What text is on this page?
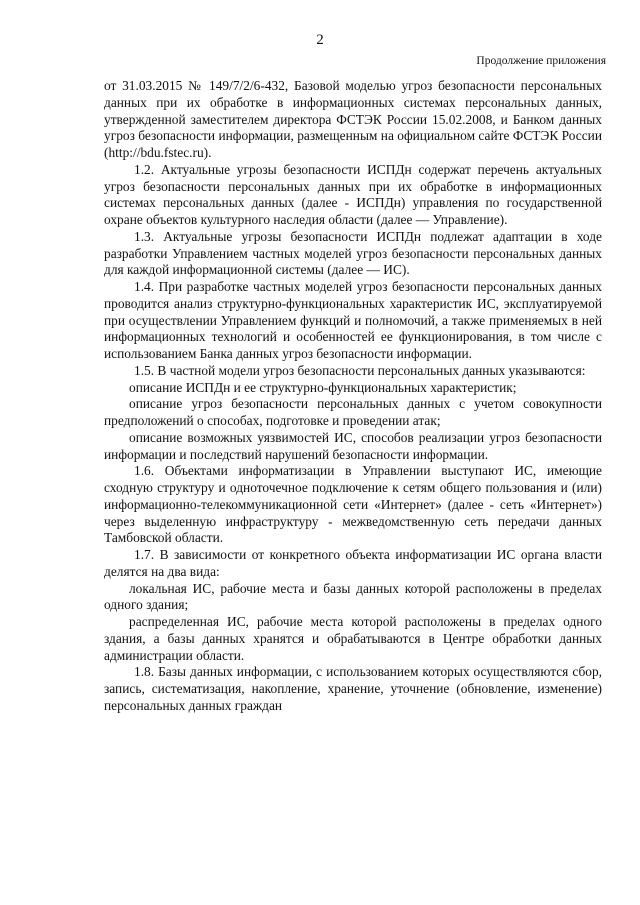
2
Продолжение приложения

от 31.03.2015 № 149/7/2/6-432, Базовой моделью угроз безопасности персональных данных при их обработке в информационных системах персональных данных, утвержденной заместителем директора ФСТЭК России 15.02.2008, и Банком данных угроз безопасности информации, размещенным на официальном сайте ФСТЭК России (http://bdu.fstec.ru).

1.2. Актуальные угрозы безопасности ИСПДн содержат перечень актуальных угроз безопасности персональных данных при их обработке в информационных системах персональных данных (далее - ИСПДн) управления по государственной охране объектов культурного наследия области (далее — Управление).

1.3. Актуальные угрозы безопасности ИСПДн подлежат адаптации в ходе разработки Управлением частных моделей угроз безопасности персональных данных для каждой информационной системы (далее — ИС).

1.4. При разработке частных моделей угроз безопасности персональных данных проводится анализ структурно-функциональных характеристик ИС, эксплуатируемой при осуществлении Управлением функций и полномочий, а также применяемых в ней информационных технологий и особенностей ее функционирования, в том числе с использованием Банка данных угроз безопасности информации.

1.5. В частной модели угроз безопасности персональных данных указываются:

описание ИСПДн и ее структурно-функциональных характеристик;

описание угроз безопасности персональных данных с учетом совокупности предположений о способах, подготовке и проведении атак;

описание возможных уязвимостей ИС, способов реализации угроз безопасности информации и последствий нарушений безопасности информации.

1.6. Объектами информатизации в Управлении выступают ИС, имеющие сходную структуру и одноточечное подключение к сетям общего пользования и (или) информационно-телекоммуникационной сети «Интернет» (далее - сеть «Интернет») через выделенную инфраструктуру - межведомственную сеть передачи данных Тамбовской области.

1.7. В зависимости от конкретного объекта информатизации ИС органа власти делятся на два вида:

локальная ИС, рабочие места и базы данных которой расположены в пределах одного здания;

распределенная ИС, рабочие места которой расположены в пределах одного здания, а базы данных хранятся и обрабатываются в Центре обработки данных администрации области.

1.8. Базы данных информации, с использованием которых осуществляются сбор, запись, систематизация, накопление, хранение, уточнение (обновление, изменение) персональных данных граждан
